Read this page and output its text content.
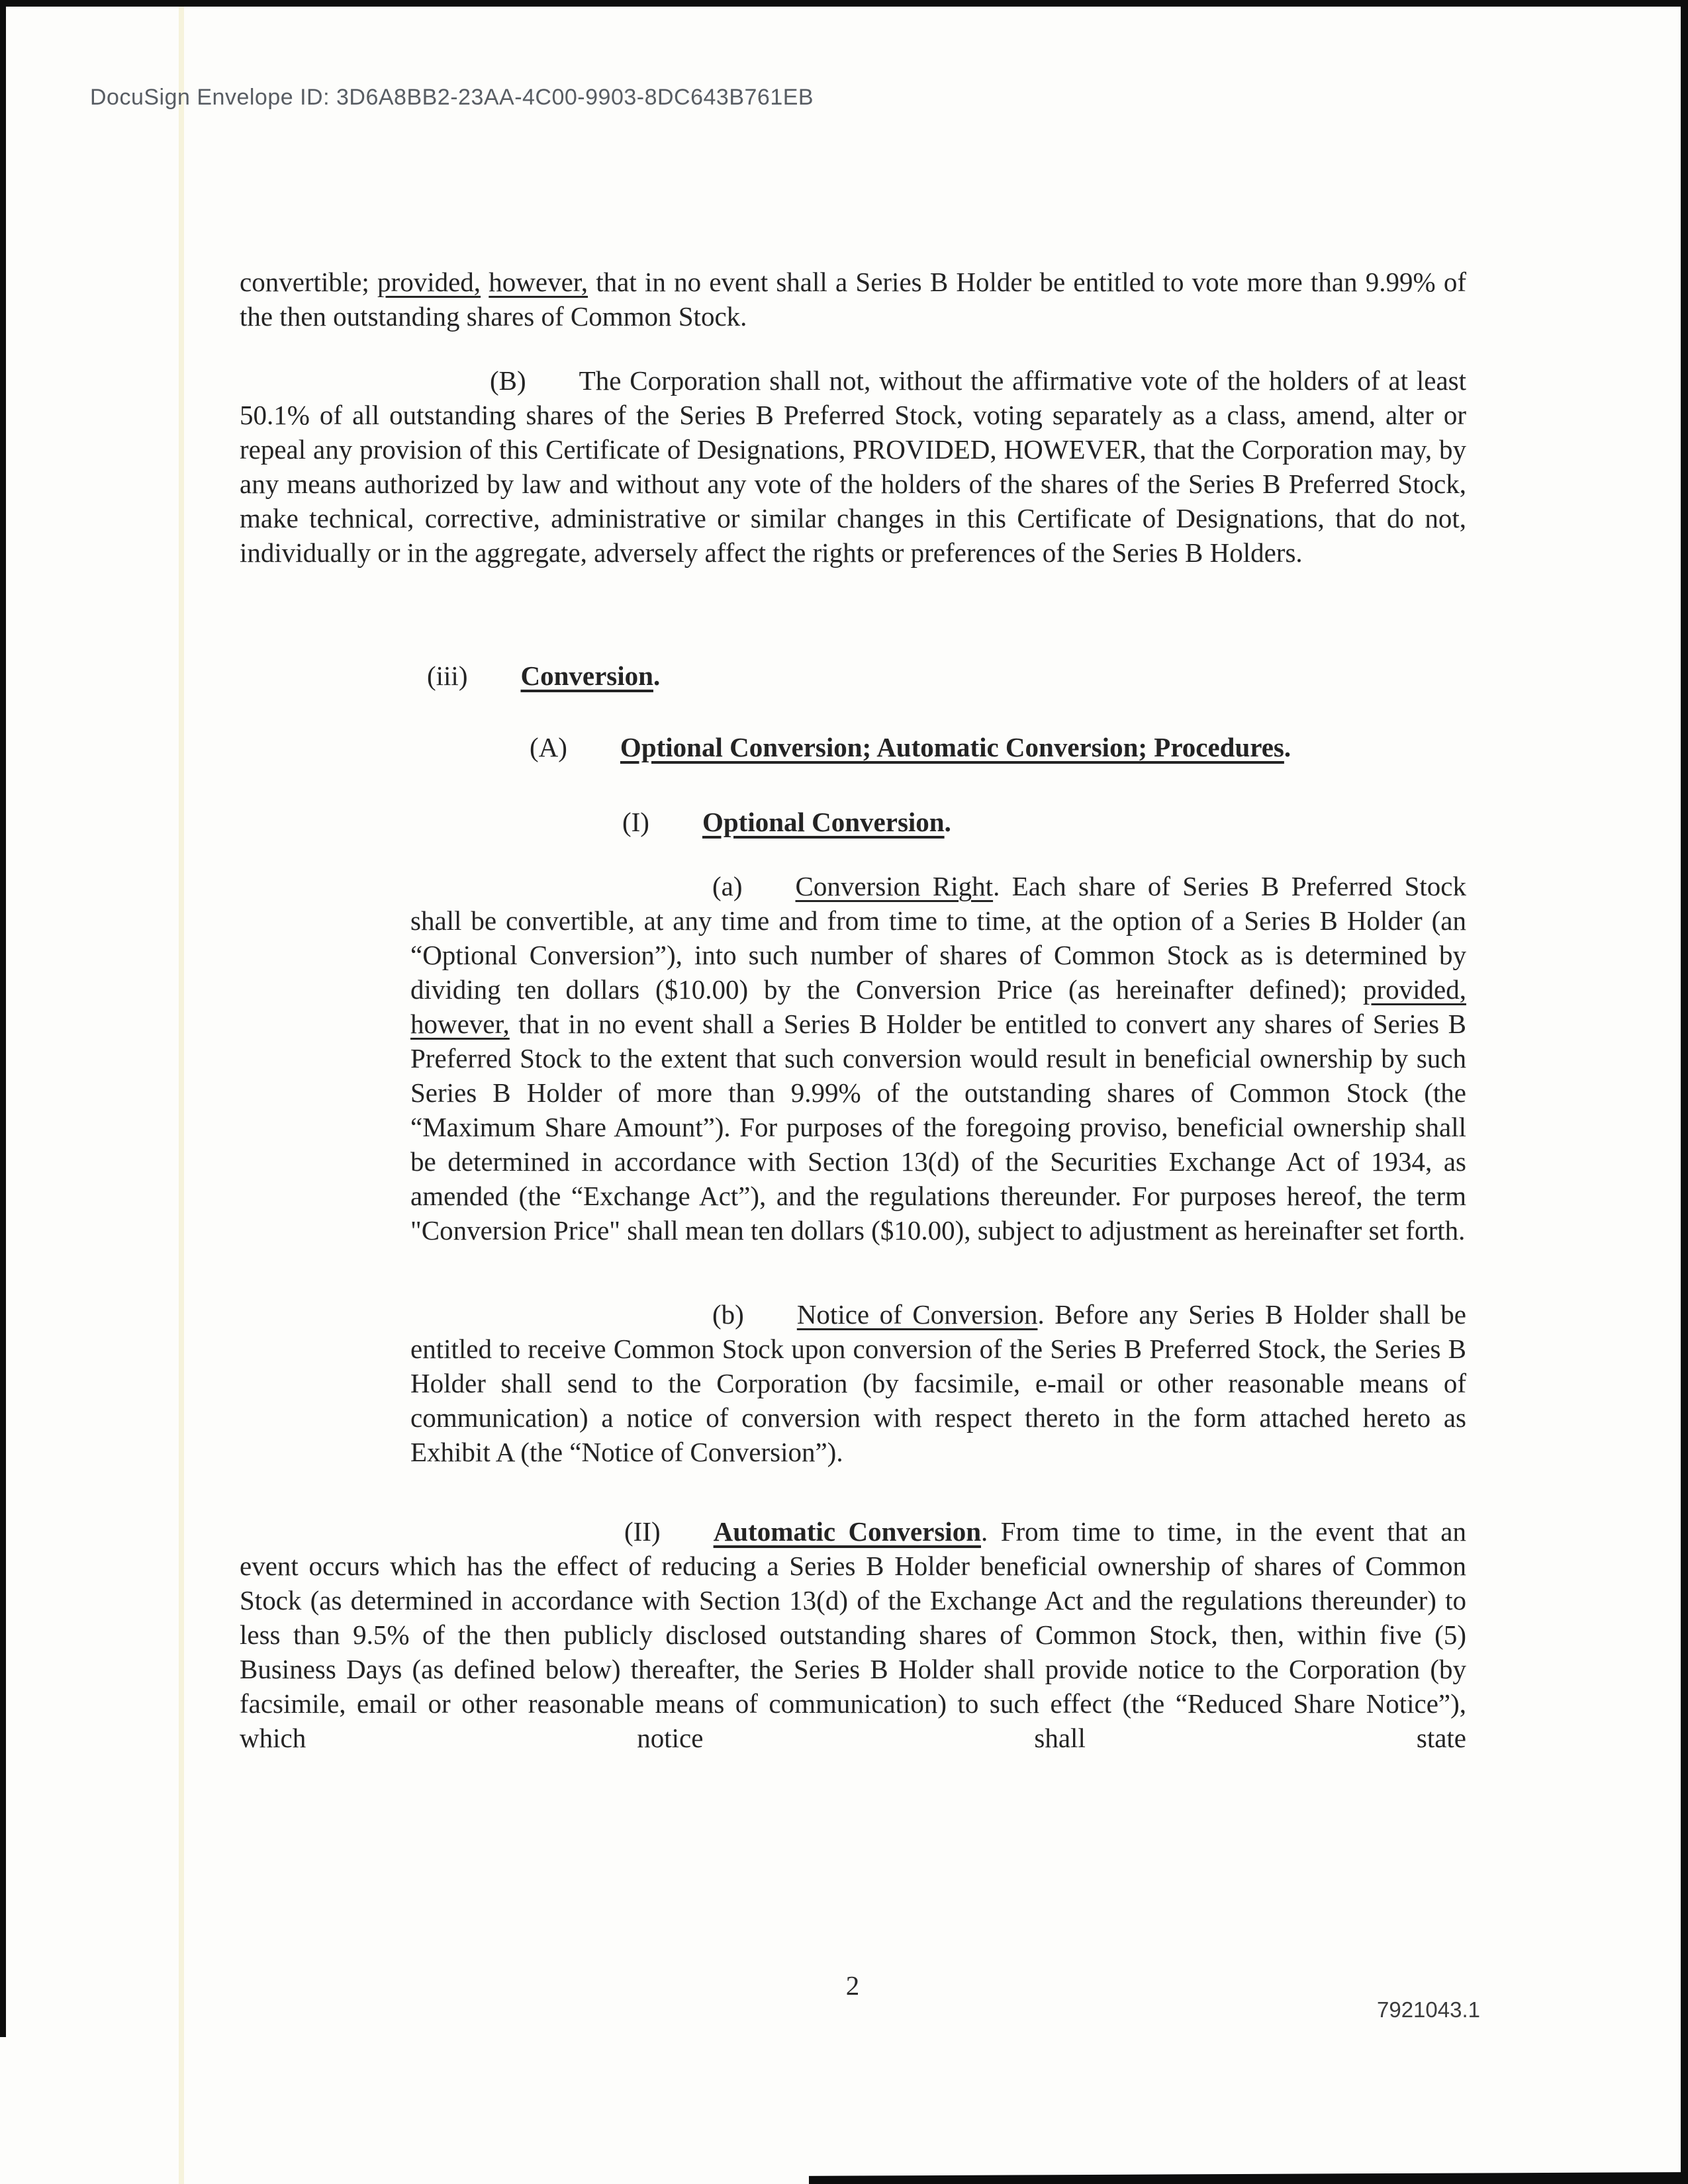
DocuSign Envelope ID: 3D6A8BB2-23AA-4C00-9903-8DC643B761EB

convertible; provided, however, that in no event shall a Series B Holder be entitled to vote more than 9.99% of the then outstanding shares of Common Stock.

(B) The Corporation shall not, without the affirmative vote of the holders of at least 50.1% of all outstanding shares of the Series B Preferred Stock, voting separately as a class, amend, alter or repeal any provision of this Certificate of Designations, PROVIDED, HOWEVER, that the Corporation may, by any means authorized by law and without any vote of the holders of the shares of the Series B Preferred Stock, make technical, corrective, administrative or similar changes in this Certificate of Designations, that do not, individually or in the aggregate, adversely affect the rights or preferences of the Series B Holders.

(iii) Conversion.

(A) Optional Conversion; Automatic Conversion; Procedures.

(I) Optional Conversion.

(a) Conversion Right. Each share of Series B Preferred Stock shall be convertible, at any time and from time to time, at the option of a Series B Holder (an “Optional Conversion”), into such number of shares of Common Stock as is determined by dividing ten dollars ($10.00) by the Conversion Price (as hereinafter defined); provided, however, that in no event shall a Series B Holder be entitled to convert any shares of Series B Preferred Stock to the extent that such conversion would result in beneficial ownership by such Series B Holder of more than 9.99% of the outstanding shares of Common Stock (the “Maximum Share Amount”). For purposes of the foregoing proviso, beneficial ownership shall be determined in accordance with Section 13(d) of the Securities Exchange Act of 1934, as amended (the “Exchange Act”), and the regulations thereunder. For purposes hereof, the term "Conversion Price" shall mean ten dollars ($10.00), subject to adjustment as hereinafter set forth.

(b) Notice of Conversion. Before any Series B Holder shall be entitled to receive Common Stock upon conversion of the Series B Preferred Stock, the Series B Holder shall send to the Corporation (by facsimile, e-mail or other reasonable means of communication) a notice of conversion with respect thereto in the form attached hereto as Exhibit A (the “Notice of Conversion”).

(II) Automatic Conversion. From time to time, in the event that an event occurs which has the effect of reducing a Series B Holder beneficial ownership of shares of Common Stock (as determined in accordance with Section 13(d) of the Exchange Act and the regulations thereunder) to less than 9.5% of the then publicly disclosed outstanding shares of Common Stock, then, within five (5) Business Days (as defined below) thereafter, the Series B Holder shall provide notice to the Corporation (by facsimile, email or other reasonable means of communication) to such effect (the “Reduced Share Notice”), which notice shall state

2
7921043.1
